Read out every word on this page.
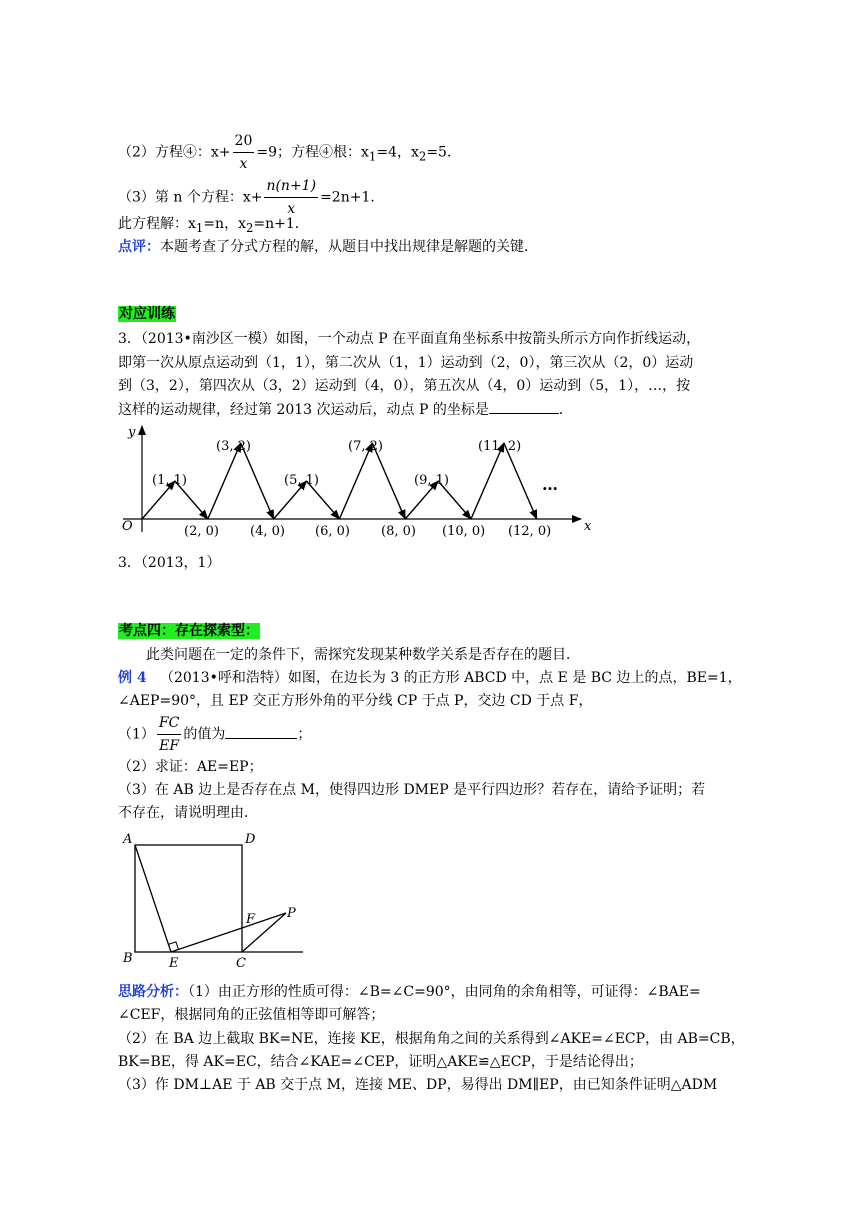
（2）方程④：$x+ \frac{20}{x} =9$；方程④根：$x_1=4$，$x_2=5$．
（3）第 n 个方程：$x+ \frac{n(n+1)}{x} =2n+1$．
此方程解：$x_1=n$，$x_2=n+1$．
点评：本题考查了分式方程的解，从题目中找出规律是解题的关键．
对应训练
3．（2013•南沙区一模）如图，一个动点 P 在平面直角坐标系中按箭头所示方向作折线运动，
即第一次从原点运动到（1，1），第二次从（1，1）运动到（2，0），第三次从（2，0）运动
到（3，2），第四次从（3，2）运动到（4，0），第五次从（4，0）运动到（5，1），…，按
这样的运动规律，经过第 2013 次运动后，动点 P 的坐标是	．
y
x
O
(1, 1)
(3, 2)
(5, 1)
(7, 2)
(9, 1)
(11, 2)
(2, 0) (4, 0) (6, 0) (8, 0) (10, 0) (12, 0)
…
3．（2013，1）
考点四：存在探索型：
此类问题在一定的条件下，需探究发现某种数学关系是否存在的题目．
例 4 （2013•呼和浩特）如图，在边长为 3 的正方形 ABCD 中，点 E 是 BC 边上的点，BE=1，
∠AEP=90°，且 EP 交正方形外角的平分线 CP 于点 P，交边 CD 于点 F，
$(1) \frac{FC}{EF}$ 的值为	；
（2）求证：AE=EP；
（3）在 AB 边上是否存在点 M，使得四边形 DMEP 是平行四边形？若存在，请给予证明；若
不存在，请说明理由．
A	D
B	E	C
F P
思路分析：（1）由正方形的性质可得：∠B=∠C=90°，由同角的余角相等，可证得：∠BAE=
∠CEF，根据同角的正弦值相等即可解答；
（2）在 BA 边上截取 BK=NE，连接 KE，根据角角之间的关系得到∠AKE=∠ECP，由 AB=CB，
BK=BE，得 AK=EC，结合∠KAE=∠CEP，证明△AKE≌△ECP，于是结论得出；
（3）作 DM⊥AE 于 AB 交于点 M，连接 ME、DP，易得出 DM∥EP，由已知条件证明△ADM
